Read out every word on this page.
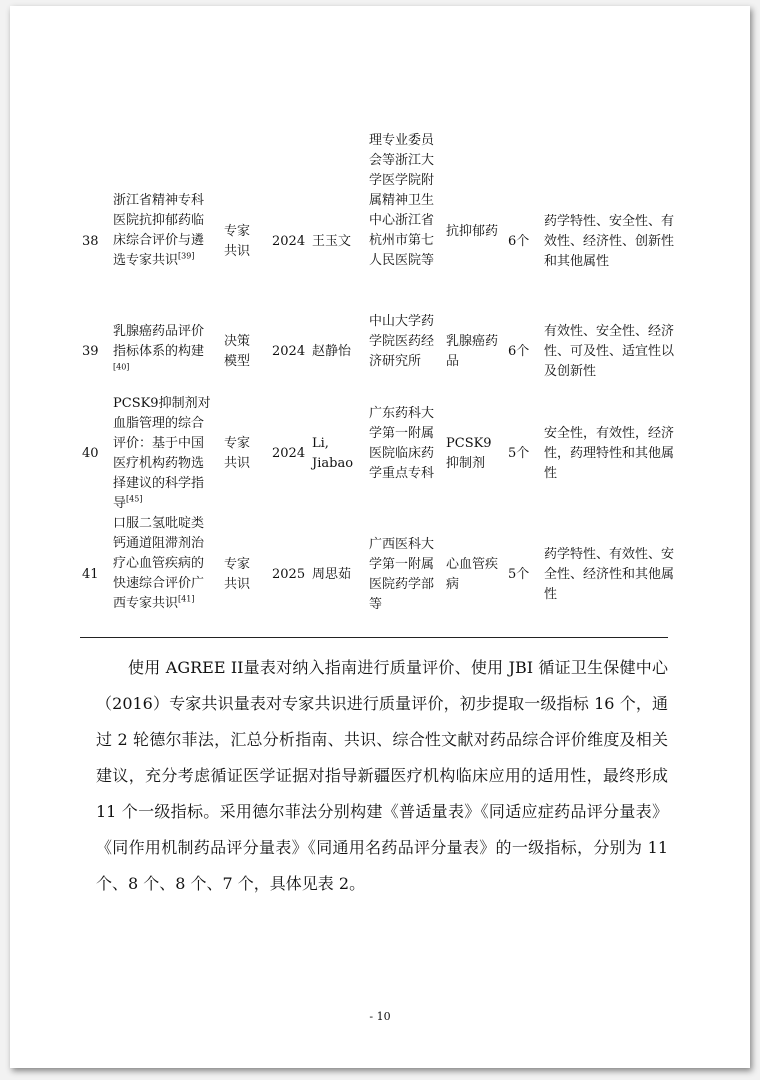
38
浙江省精神专科医院抗抑郁药临床综合评价与遴选专家共识[39]
专家共识
2024 王玉文
理专业委员会等浙江大学医学院附属精神卫生中心浙江省杭州市第七人民医院等
抗抑郁药
6个
药学特性、安全性、有效性、经济性、创新性和其他属性
39
乳腺癌药品评价指标体系的构建[40]
决策模型
2024 赵静怡
中山大学药学院医药经济研究所
乳腺癌药品
6个
有效性、安全性、经济性、可及性、适宜性以及创新性
40
PCSK9抑制剂对血脂管理的综合评价：基于中国医疗机构药物选择建议的科学指导[45]
专家共识
2024
Li, Jiabao
广东药科大学第一附属医院临床药学重点专科
PCSK9抑制剂
5个
安全性，有效性，经济性，药理特性和其他属性
41
口服二氢吡啶类钙通道阻滞剂治疗心血管疾病的快速综合评价广西专家共识[41]
专家共识
2025 周思茹
广西医科大学第一附属医院药学部等
心血管疾病
5个
药学特性、有效性、安全性、经济性和其他属性
使用 AGREE II量表对纳入指南进行质量评价、使用 JBI 循证卫生保健中心（2016）专家共识量表对专家共识进行质量评价，初步提取一级指标 16 个，通过 2 轮德尔菲法，汇总分析指南、共识、综合性文献对药品综合评价维度及相关建议，充分考虑循证医学证据对指导新疆医疗机构临床应用的适用性，最终形成 11 个一级指标。采用德尔菲法分别构建《普适量表》《同适应症药品评分量表》《同作用机制药品评分量表》《同通用名药品评分量表》的一级指标，分别为 11 个、8 个、8 个、7 个，具体见表 2。
- 10
